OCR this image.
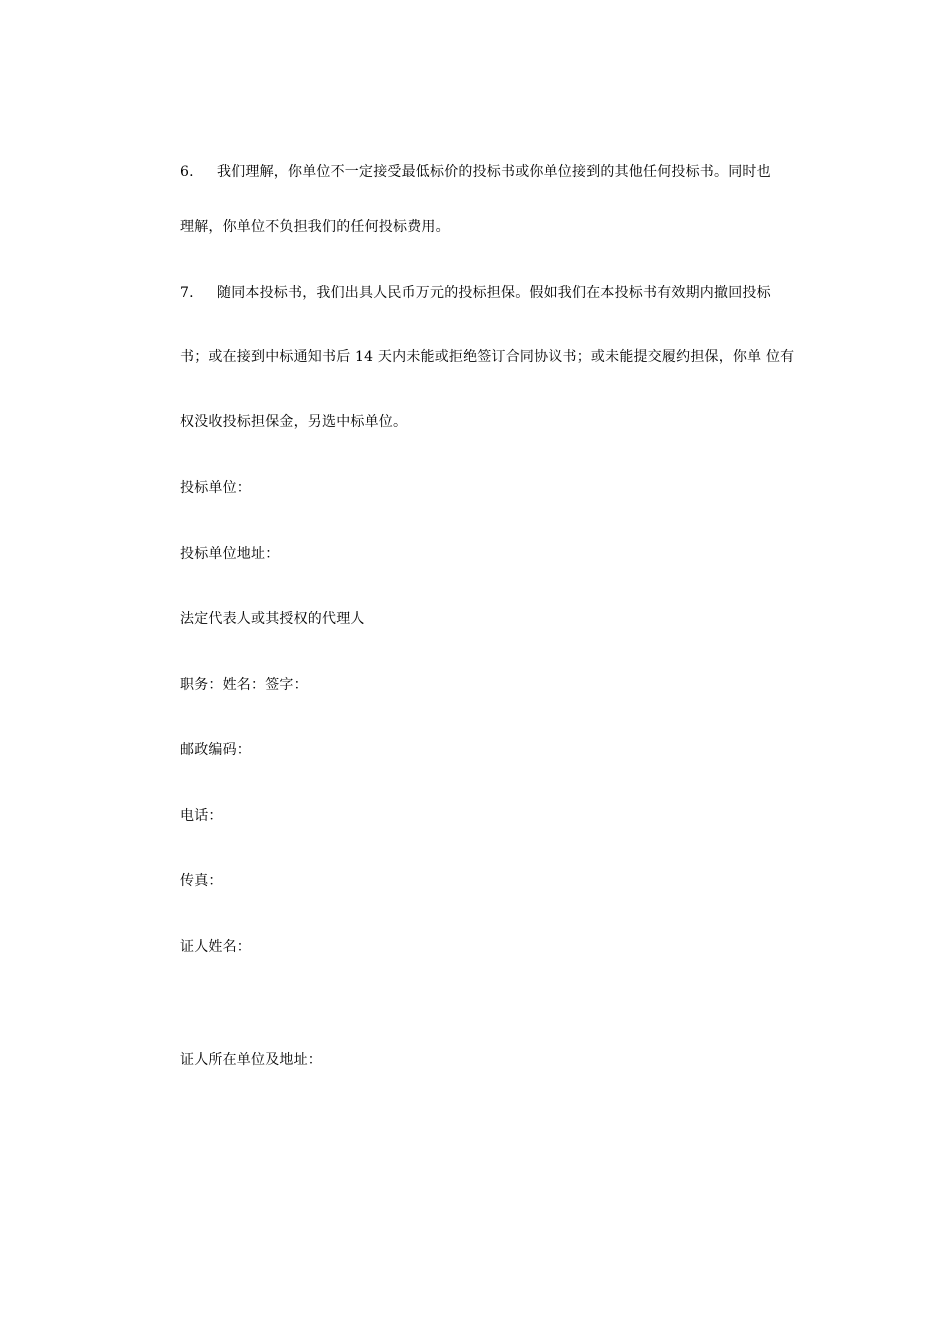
6. 我们理解，你单位不一定接受最低标价的投标书或你单位接到的其他任何投标书。同时也
理解，你单位不负担我们的任何投标费用。
7. 随同本投标书，我们出具人民币万元的投标担保。假如我们在本投标书有效期内撤回投标
书；或在接到中标通知书后 14 天内未能或拒绝签订合同协议书；或未能提交履约担保，你单 位有
权没收投标担保金，另选中标单位。
投标单位：
投标单位地址：
法定代表人或其授权的代理人
职务：姓名：签字：
邮政编码：
电话：
传真：
证人姓名：
证人所在单位及地址：
